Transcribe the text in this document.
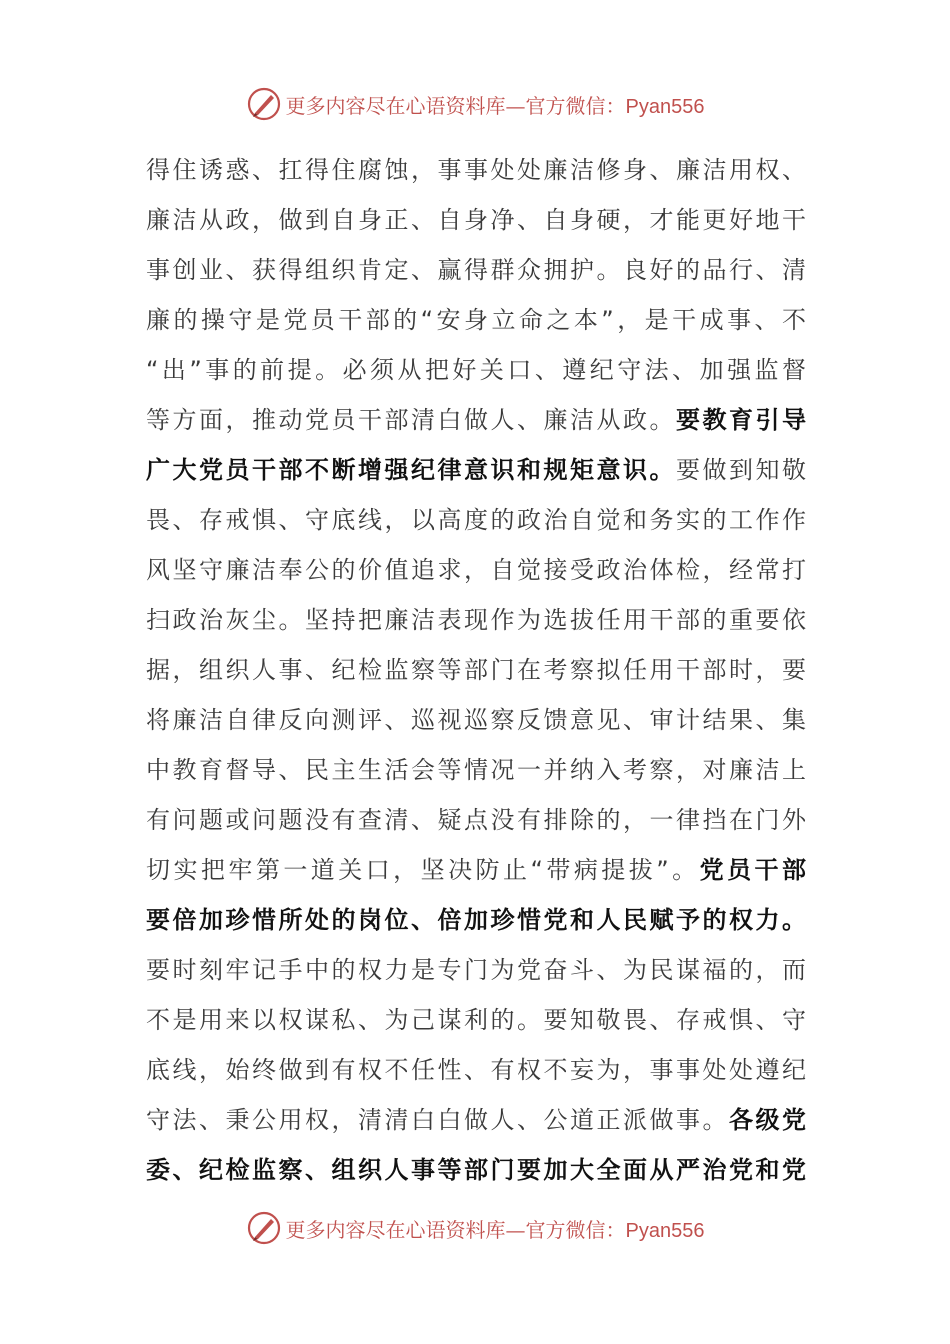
更多内容尽在心语资料库—官方微信：Pyan556
得住诱惑、扛得住腐蚀，事事处处廉洁修身、廉洁用权、
廉洁从政，做到自身正、自身净、自身硬，才能更好地干
事创业、获得组织肯定、赢得群众拥护。良好的品行、清
廉的操守是党员干部的“安身立命之本”，是干成事、不
“出”事的前提。必须从把好关口、遵纪守法、加强监督
等方面，推动党员干部清白做人、廉洁从政。要教育引导
广大党员干部不断增强纪律意识和规矩意识。要做到知敬
畏、存戒惧、守底线，以高度的政治自觉和务实的工作作
风坚守廉洁奉公的价值追求，自觉接受政治体检，经常打
扫政治灰尘。坚持把廉洁表现作为选拔任用干部的重要依
据，组织人事、纪检监察等部门在考察拟任用干部时，要
将廉洁自律反向测评、巡视巡察反馈意见、审计结果、集
中教育督导、民主生活会等情况一并纳入考察，对廉洁上
有问题或问题没有查清、疑点没有排除的，一律挡在门外
切实把牢第一道关口，坚决防止“带病提拔”。党员干部
要倍加珍惜所处的岗位、倍加珍惜党和人民赋予的权力。
要时刻牢记手中的权力是专门为党奋斗、为民谋福的，而
不是用来以权谋私、为己谋利的。要知敬畏、存戒惧、守
底线，始终做到有权不任性、有权不妄为，事事处处遵纪
守法、秉公用权，清清白白做人、公道正派做事。各级党
委、纪检监察、组织人事等部门要加大全面从严治党和党
更多内容尽在心语资料库—官方微信：Pyan556
